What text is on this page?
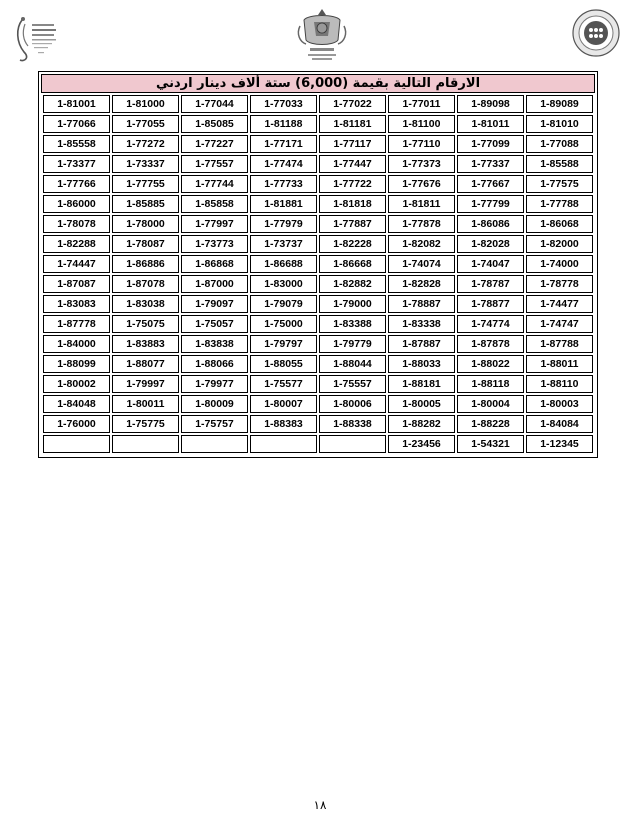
الارقام التالية بقيمة (6,000) ستة ألاف دينار اردني
1-81001	1-81000	1-77044	1-77033	1-77022	1-77011	1-89098	1-89089
1-77066	1-77055	1-85085	1-81188	1-81181	1-81100	1-81011	1-81010
1-85558	1-77272	1-77227	1-77171	1-77117	1-77110	1-77099	1-77088
1-73377	1-73337	1-77557	1-77474	1-77447	1-77373	1-77337	1-85588
1-77766	1-77755	1-77744	1-77733	1-77722	1-77676	1-77667	1-77575
1-86000	1-85885	1-85858	1-81881	1-81818	1-81811	1-77799	1-77788
1-78078	1-78000	1-77997	1-77979	1-77887	1-77878	1-86086	1-86068
1-82288	1-78087	1-73773	1-73737	1-82228	1-82082	1-82028	1-82000
1-74447	1-86886	1-86868	1-86688	1-86668	1-74074	1-74047	1-74000
1-87087	1-87078	1-87000	1-83000	1-82882	1-82828	1-78787	1-78778
1-83083	1-83038	1-79097	1-79079	1-79000	1-78887	1-78877	1-74477
1-87778	1-75075	1-75057	1-75000	1-83388	1-83338	1-74774	1-74747
1-84000	1-83883	1-83838	1-79797	1-79779	1-87887	1-87878	1-87788
1-88099	1-88077	1-88066	1-88055	1-88044	1-88033	1-88022	1-88011
1-80002	1-79997	1-79977	1-75577	1-75557	1-88181	1-88118	1-88110
1-84048	1-80011	1-80009	1-80007	1-80006	1-80005	1-80004	1-80003
1-76000	1-75775	1-75757	1-88383	1-88338	1-88282	1-88228	1-84084
					1-23456	1-54321	1-12345
١٨
